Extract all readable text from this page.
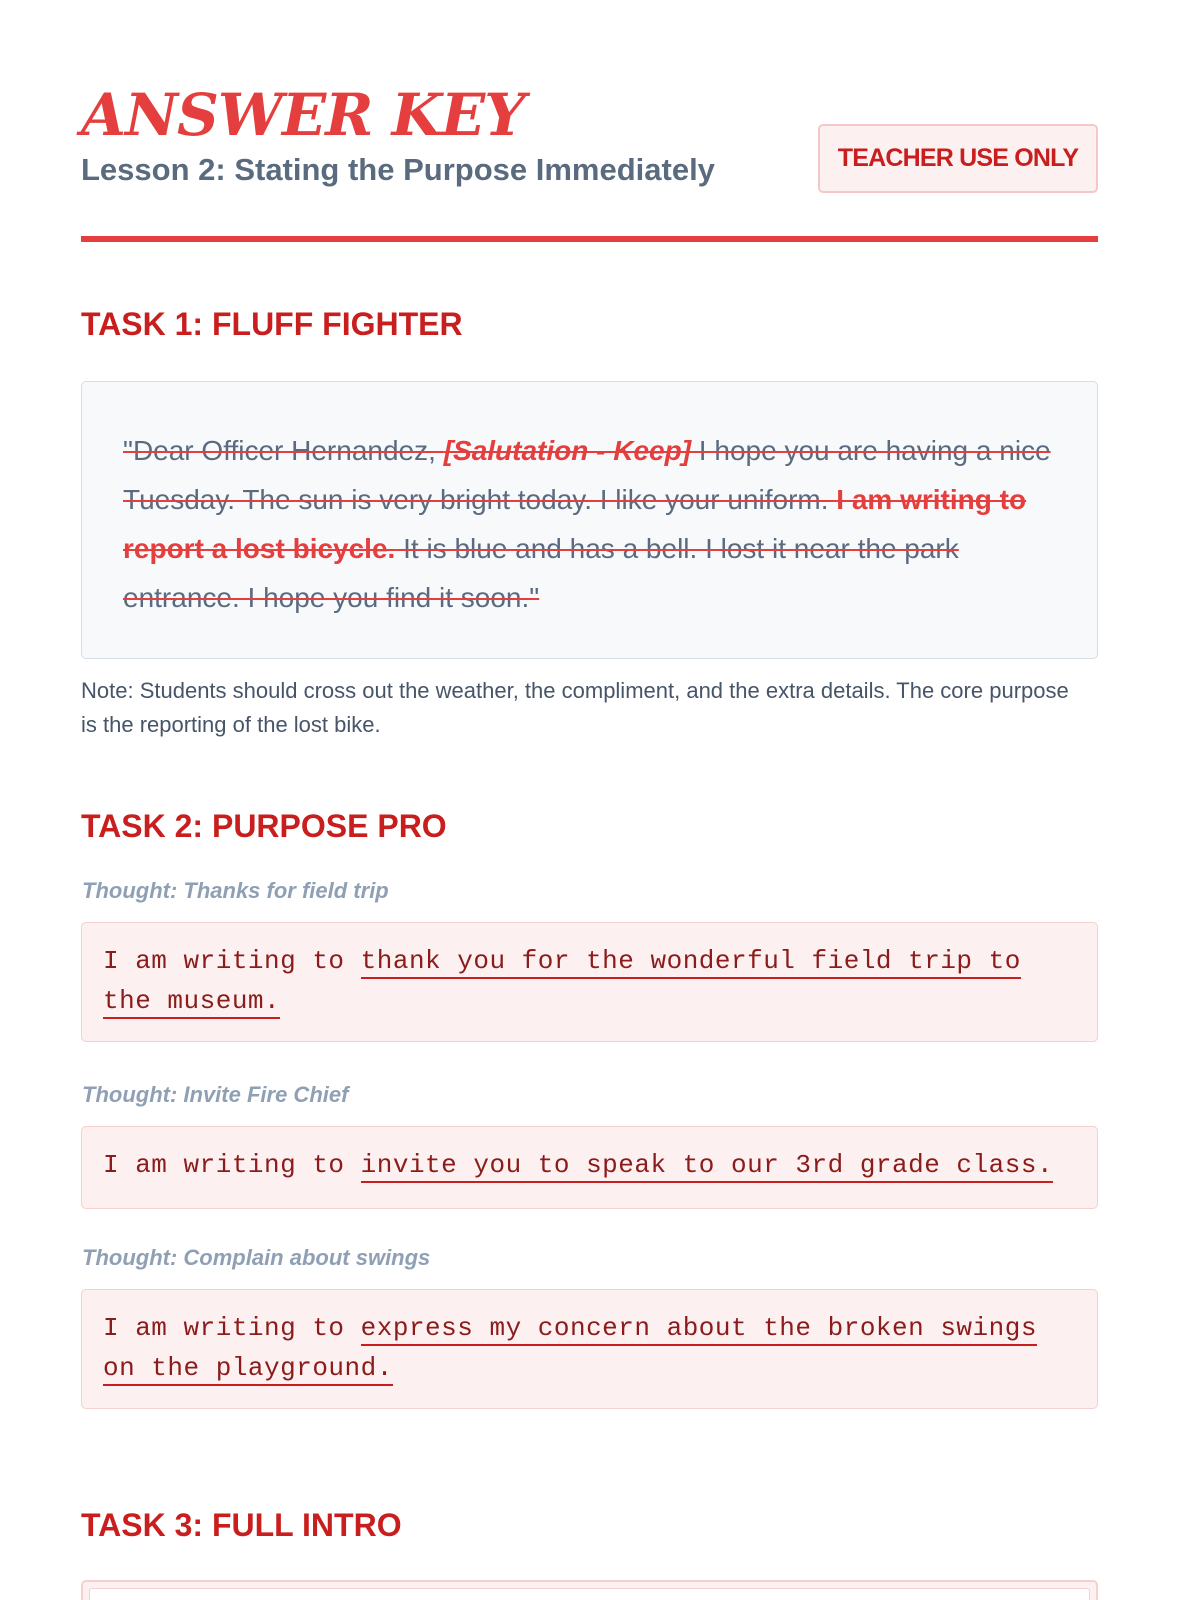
ANSWER KEY
Lesson 2: Stating the Purpose Immediately	TEACHER USE ONLY
TASK 1: FLUFF FIGHTER

"Dear Officer Hernandez, [Salutation - Keep] I hope you are having a nice Tuesday. The sun is very bright today. I like your uniform. I am writing to report a lost bicycle. It is blue and has a bell. I lost it near the park entrance. I hope you find it soon."

Note: Students should cross out the weather, the compliment, and the extra details. The core purpose is the reporting of the lost bike.
TASK 2: PURPOSE PRO
Thought: Thanks for field trip

I am writing to thank you for the wonderful field trip to the museum.

Thought: Invite Fire Chief

I am writing to invite you to speak to our 3rd grade class.

Thought: Complain about swings

I am writing to express my concern about the broken swings on the playground.

TASK 3: FULL INTRO
